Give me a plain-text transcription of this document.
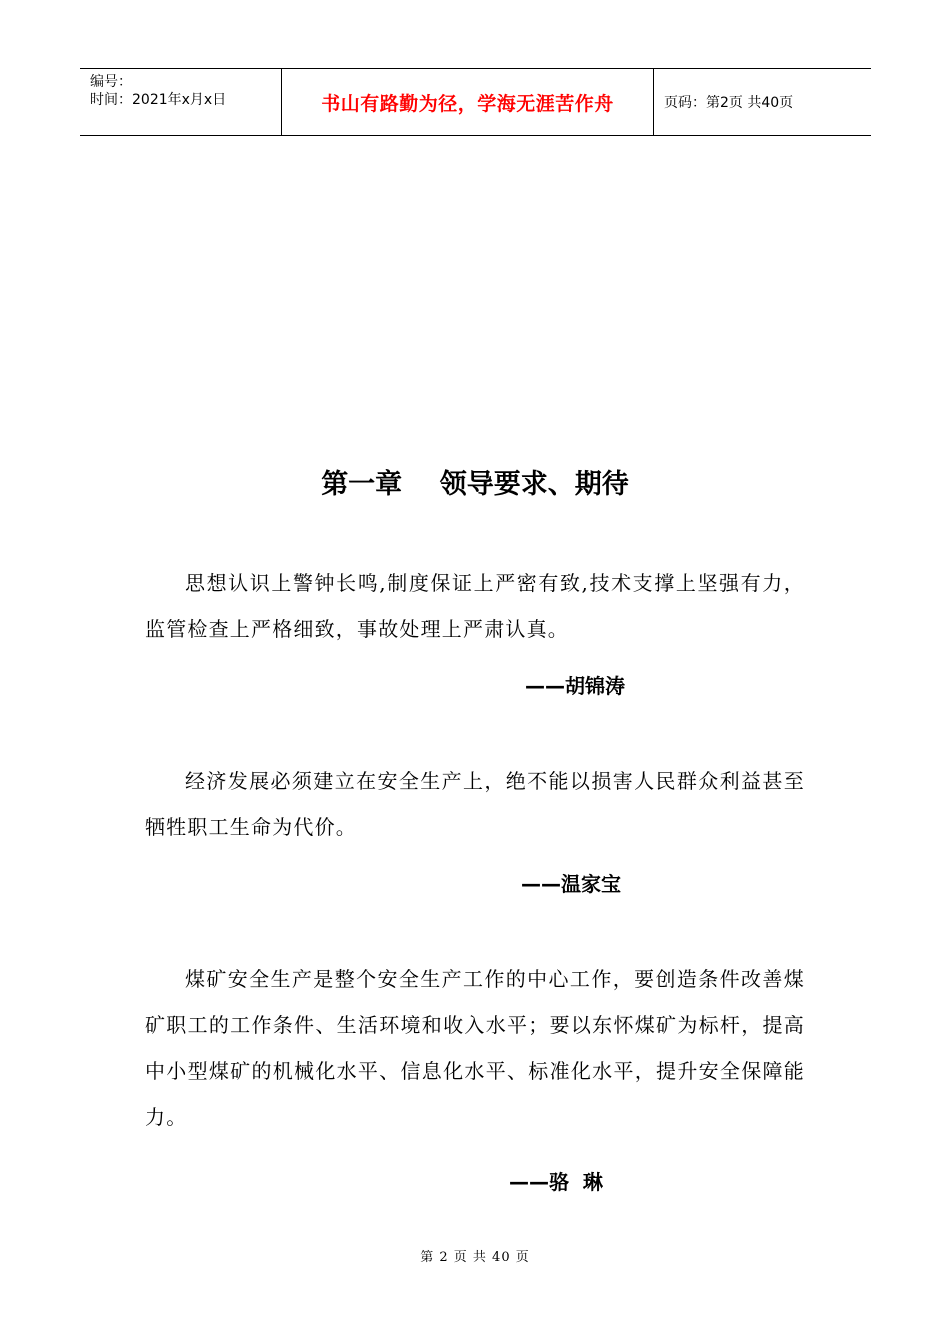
编号：
时间：2021年x月x日	书山有路勤为径，学海无涯苦作舟	页码：第2页 共40页
第一章    领导要求、期待
思想认识上警钟长鸣,制度保证上严密有致,技术支撑上坚强有力，监管检查上严格细致，事故处理上严肃认真。
——胡锦涛
经济发展必须建立在安全生产上，绝不能以损害人民群众利益甚至牺牲职工生命为代价。
——温家宝
煤矿安全生产是整个安全生产工作的中心工作，要创造条件改善煤矿职工的工作条件、生活环境和收入水平；要以东怀煤矿为标杆，提高中小型煤矿的机械化水平、信息化水平、标准化水平，提升安全保障能力。
——骆  琳
第 2 页 共 40 页
